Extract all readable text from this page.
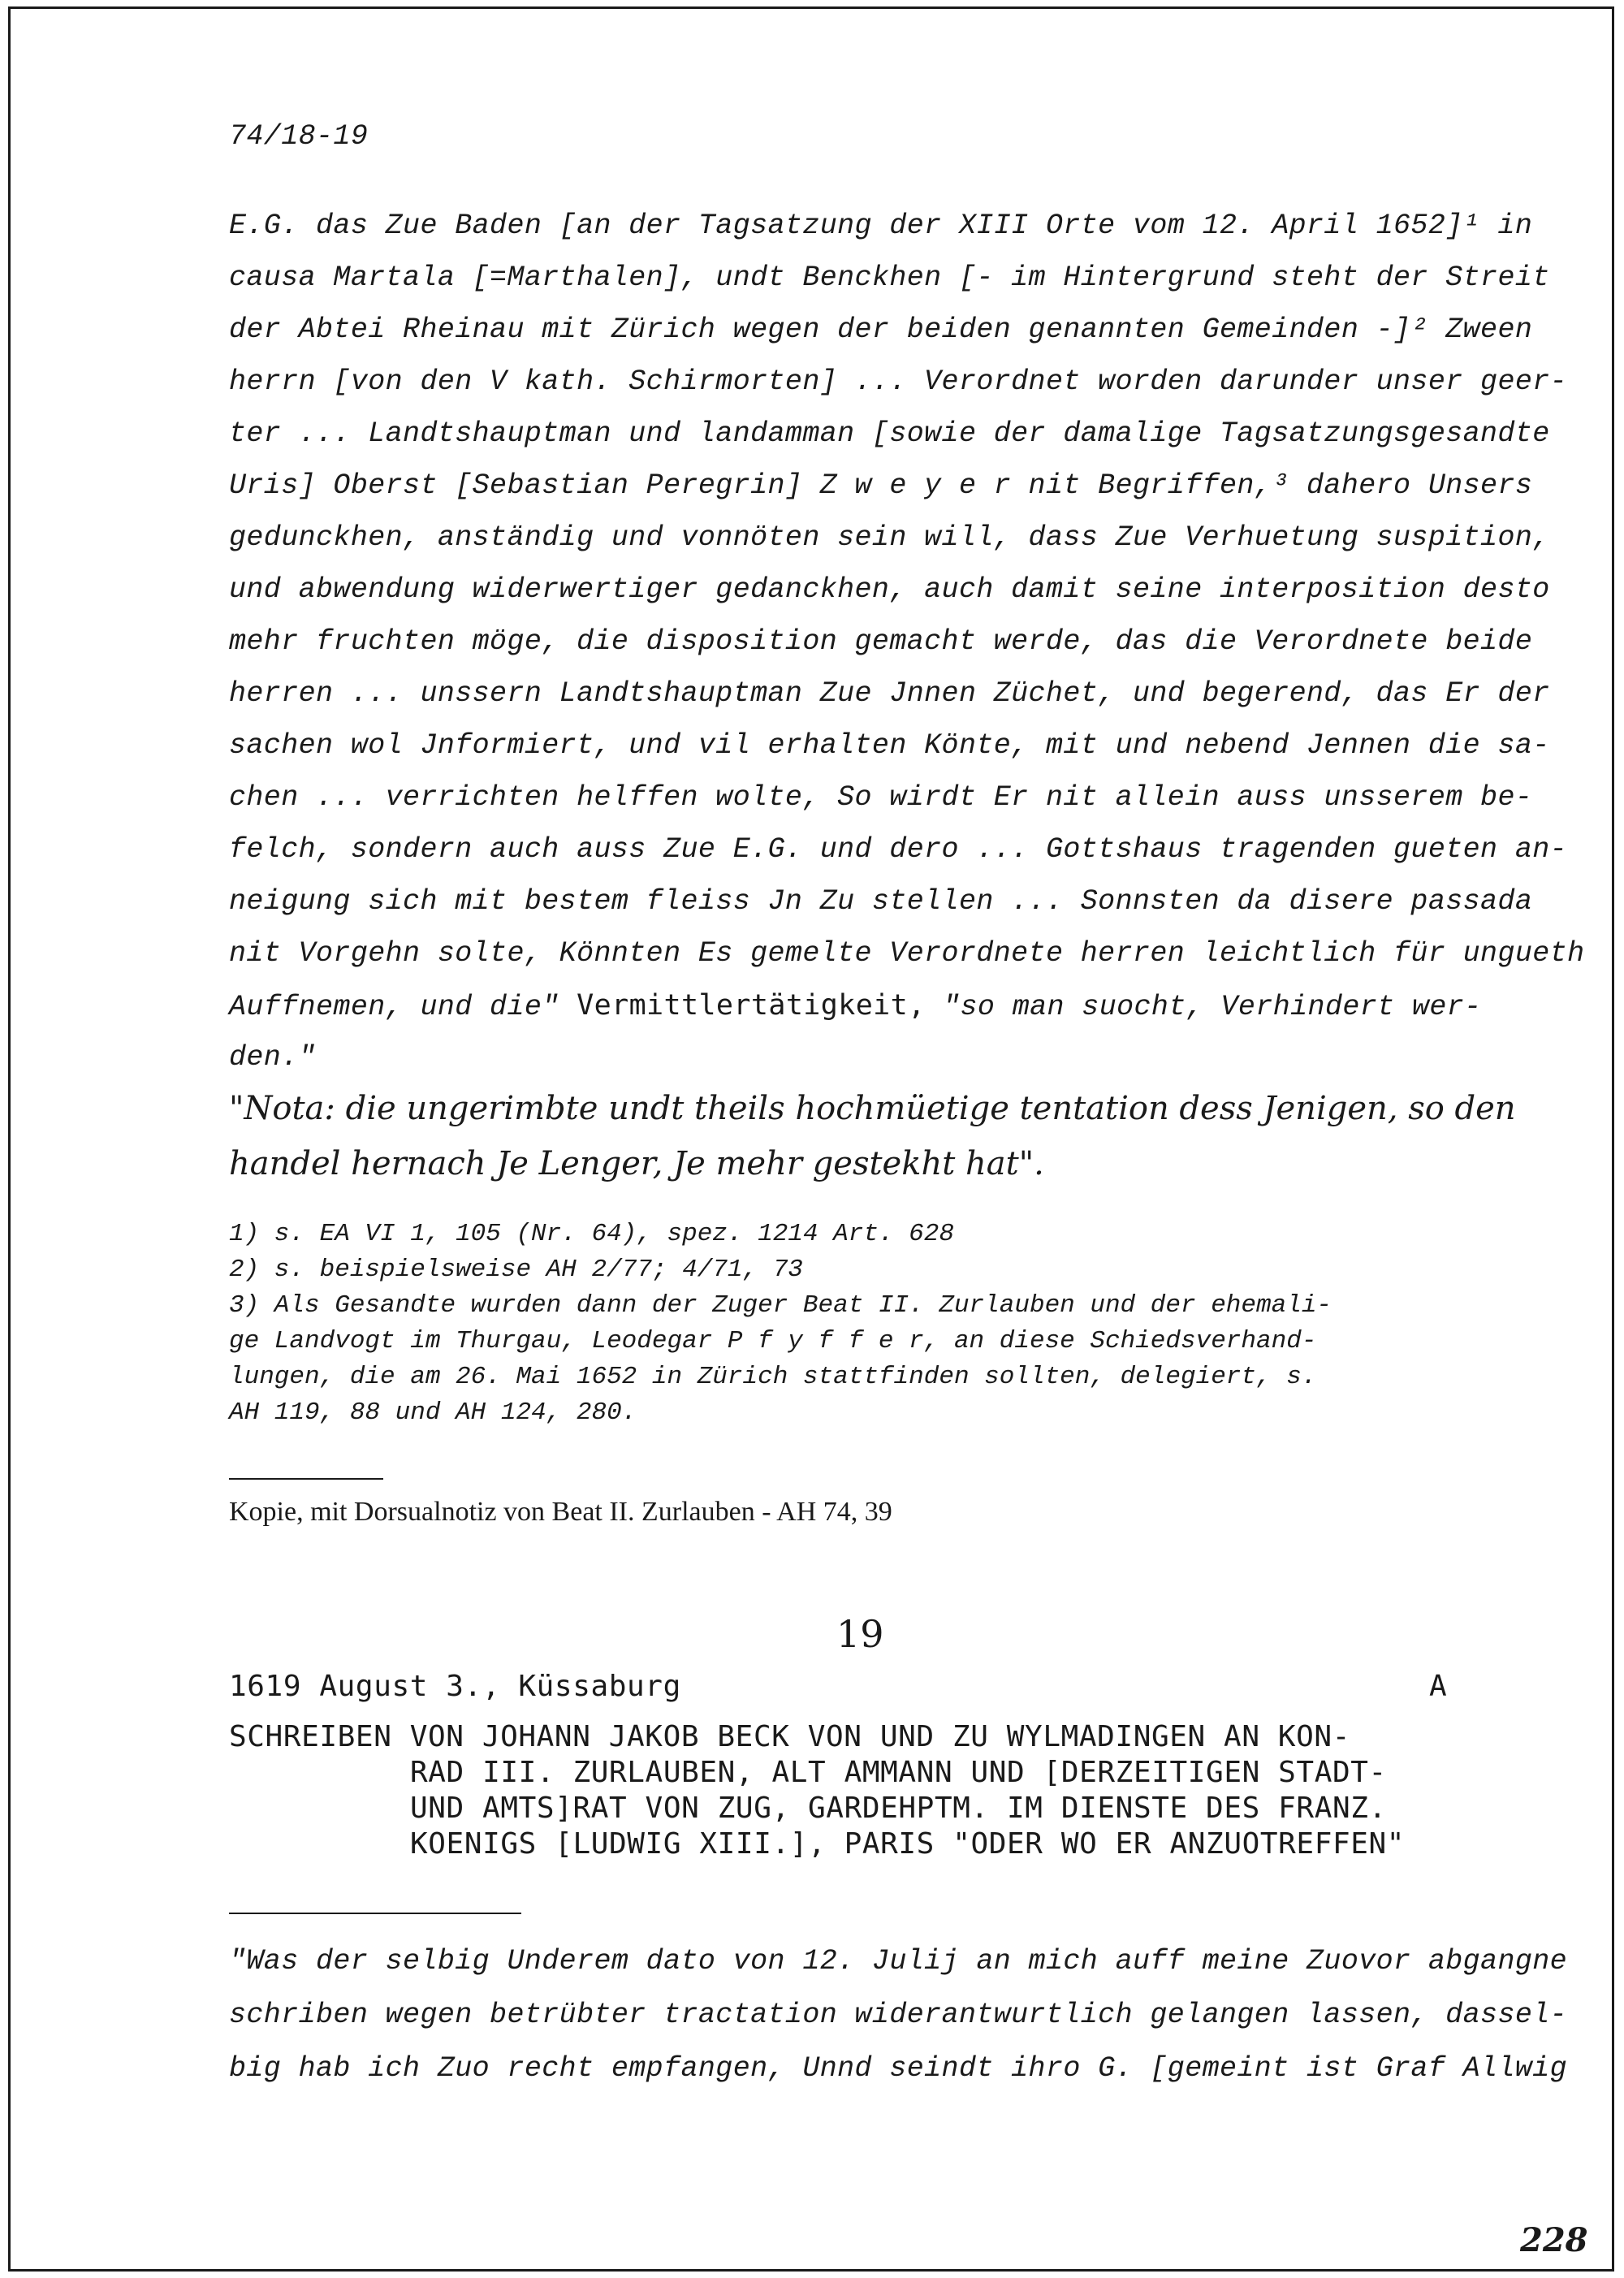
74/18-19
E.G. das Zue Baden [an der Tagsatzung der XIII Orte vom 12. April 1652]¹ in
causa Martala [=Marthalen], undt Benckhen [- im Hintergrund steht der Streit
der Abtei Rheinau mit Zürich wegen der beiden genannten Gemeinden -]² Zween
herrn [von den V kath. Schirmorten] ... Verordnet worden darunder unser geer-
ter ... Landtshauptman und landamman [sowie der damalige Tagsatzungsgesandte
Uris] Oberst [Sebastian Peregrin] Z w e y e r nit Begriffen,³ dahero Unsers
gedunckhen, anständig und vonnöten sein will, dass Zue Verhuetung suspition,
und abwendung widerwertiger gedanckhen, auch damit seine interposition desto
mehr fruchten möge, die disposition gemacht werde, das die Verordnete beide
herren ... unssern Landtshauptman Zue Jnnen Züchet, und begerend, das Er der
sachen wol Jnformiert, und vil erhalten Könte, mit und nebend Jennen die sa-
chen ... verrichten helffen wolte, So wirdt Er nit allein auss unsserem be-
felch, sondern auch auss Zue E.G. und dero ... Gottshaus tragenden gueten an-
neigung sich mit bestem fleiss Jn Zu stellen ... Sonnsten da disere passada
nit Vorgehn solte, Könnten Es gemelte Verordnete herren leichtlich für ungueth
Auffnemen, und die" Vermittlertätigkeit, "so man suocht, Verhindert wer-
den."
"Nota: die ungerimbte undt theils hochmüetige tentation dess Jenigen, so den
handel hernach Je Lenger, Je mehr gestekht hat".
1) s. EA VI 1, 105 (Nr. 64), spez. 1214 Art. 628
2) s. beispielsweise AH 2/77; 4/71, 73
3) Als Gesandte wurden dann der Zuger Beat II. Zurlauben und der ehemali-
ge Landvogt im Thurgau, Leodegar P f y f f e r, an diese Schiedsverhand-
lungen, die am 26. Mai 1652 in Zürich stattfinden sollten, delegiert, s.
AH 119, 88 und AH 124, 280.
Kopie, mit Dorsualnotiz von Beat II. Zurlauben - AH 74, 39
19
1619 August 3., Küssaburg	A
SCHREIBEN VON JOHANN JAKOB BECK VON UND ZU WYLMADINGEN AN KON-
RAD III. ZURLAUBEN, ALT AMMANN UND [DERZEITIGEN STADT-
UND AMTS]RAT VON ZUG, GARDEHPTM. IM DIENSTE DES FRANZ.
KOENIGS [LUDWIG XIII.], PARIS "ODER WO ER ANZUOTREFFEN"
"Was der selbig Underem dato von 12. Julij an mich auff meine Zuovor abgangne
schriben wegen betrübter tractation widerantwurtlich gelangen lassen, dassel-
big hab ich Zuo recht empfangen, Unnd seindt ihro G. [gemeint ist Graf Allwig
228
